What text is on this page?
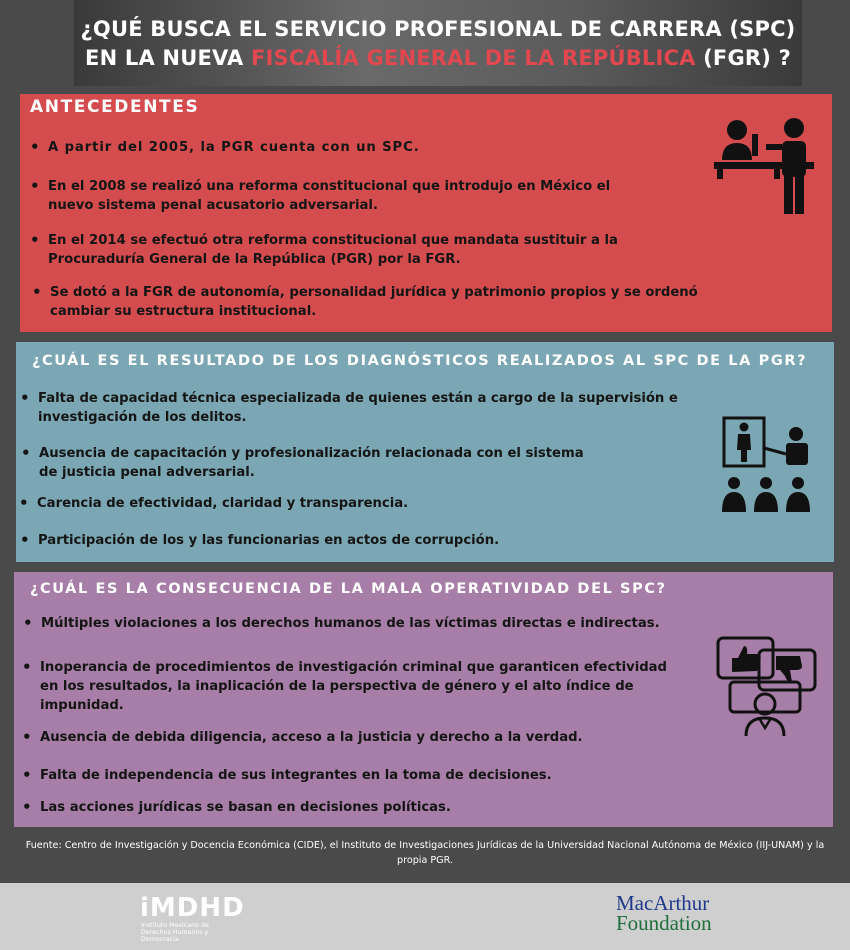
¿QUÉ BUSCA EL SERVICIO PROFESIONAL DE CARRERA (SPC)
EN LA NUEVA FISCALÍA GENERAL DE LA REPÚBLICA (FGR) ?
ANTECEDENTES
• A partir del 2005, la PGR cuenta con un SPC.
• En el 2008 se realizó una reforma constitucional que introdujo en México el nuevo sistema penal acusatorio adversarial.
• En el 2014 se efectuó otra reforma constitucional que mandata sustituir a la Procuraduría General de la República (PGR) por la FGR.
• Se dotó a la FGR de autonomía, personalidad jurídica y patrimonio propios y se ordenó cambiar su estructura institucional.
¿CUÁL ES EL RESULTADO DE LOS DIAGNÓSTICOS REALIZADOS AL SPC DE LA PGR?
• Falta de capacidad técnica especializada de quienes están a cargo de la supervisión e investigación de los delitos.
• Ausencia de capacitación y profesionalización relacionada con el sistema de justicia penal adversarial.
• Carencia de efectividad, claridad y transparencia.
• Participación de los y las funcionarias en actos de corrupción.
¿CUÁL ES LA CONSECUENCIA DE LA MALA OPERATIVIDAD DEL SPC?
• Múltiples violaciones a los derechos humanos de las víctimas directas e indirectas.
• Inoperancia de procedimientos de investigación criminal que garanticen efectividad en los resultados, la inaplicación de la perspectiva de género y el alto índice de impunidad.
• Ausencia de debida diligencia, acceso a la justicia y derecho a la verdad.
• Falta de independencia de sus integrantes en la toma de decisiones.
• Las acciones jurídicas se basan en decisiones políticas.
Fuente: Centro de Investigación y Docencia Económica (CIDE), el Instituto de Investigaciones Jurídicas de la Universidad Nacional Autónoma de México (IIJ-UNAM) y la propia PGR.
iMDHD
Instituto Mexicano de Derechos Humanos y Democracia
MacArthur
Foundation
